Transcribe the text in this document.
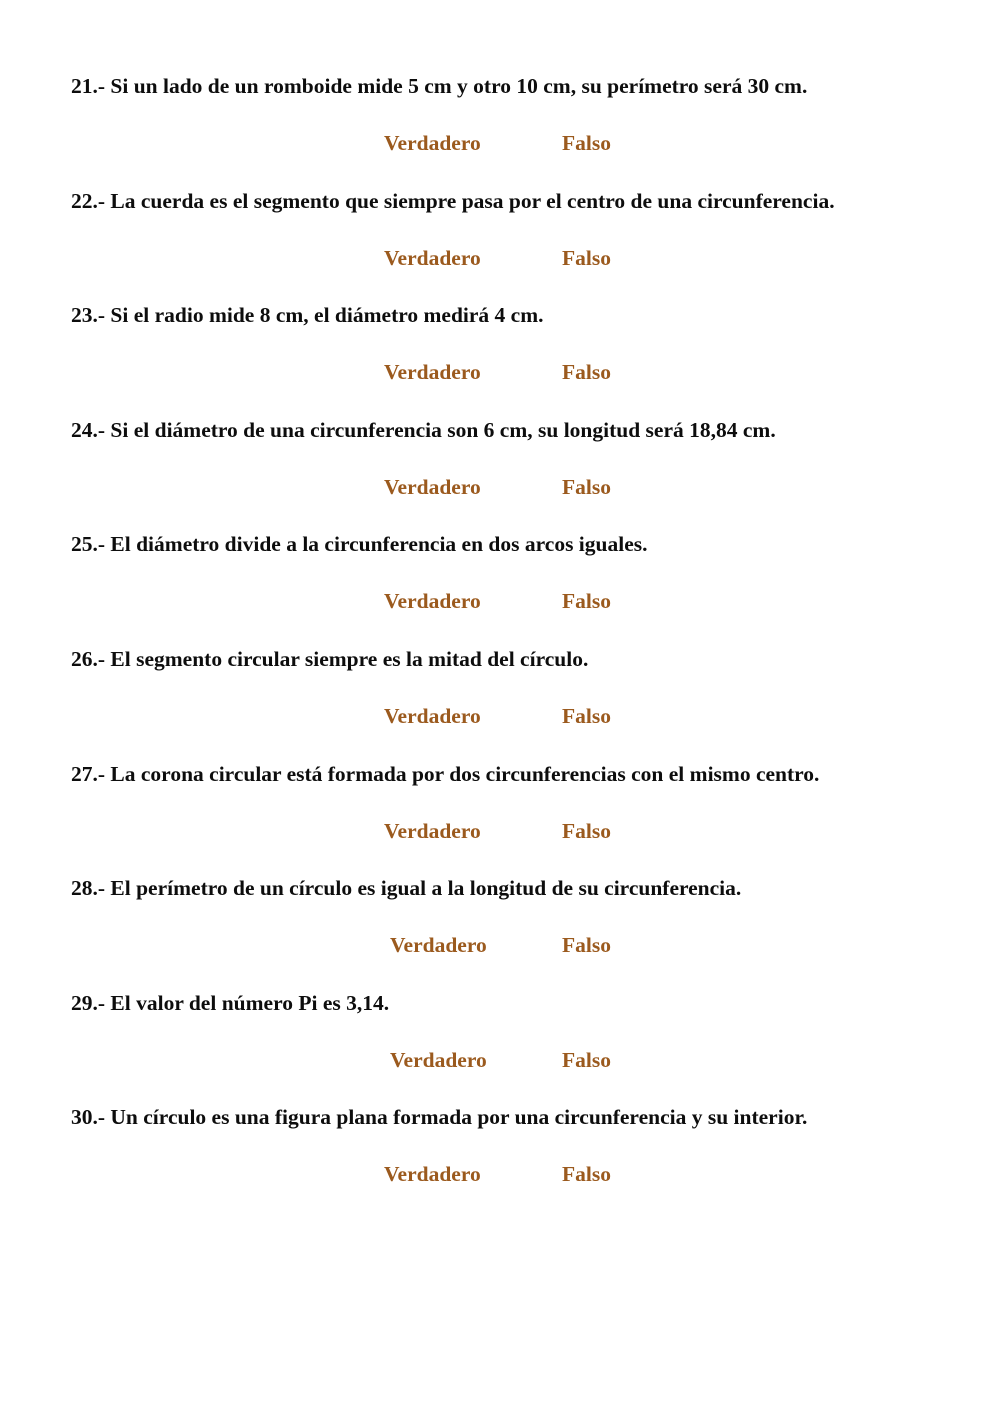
21.- Si un lado de un romboide mide 5 cm y otro 10 cm, su perímetro será 30 cm.
Verdadero	Falso
22.- La cuerda es el segmento que siempre pasa por el centro de una circunferencia.
Verdadero	Falso
23.- Si el radio mide 8 cm, el diámetro medirá 4 cm.
Verdadero	Falso
24.- Si el diámetro de una circunferencia son 6 cm, su longitud será 18,84 cm.
Verdadero	Falso
25.- El diámetro divide a la circunferencia en dos arcos iguales.
Verdadero	Falso
26.- El segmento circular siempre es la mitad del círculo.
Verdadero	Falso
27.- La corona circular está formada por dos circunferencias con el mismo centro.
Verdadero	Falso
28.- El perímetro de un círculo es igual a la longitud de su circunferencia.
Verdadero	Falso
29.- El valor del número Pi es 3,14.
Verdadero	Falso
30.- Un círculo es una figura plana formada por una circunferencia y su interior.
Verdadero	Falso
